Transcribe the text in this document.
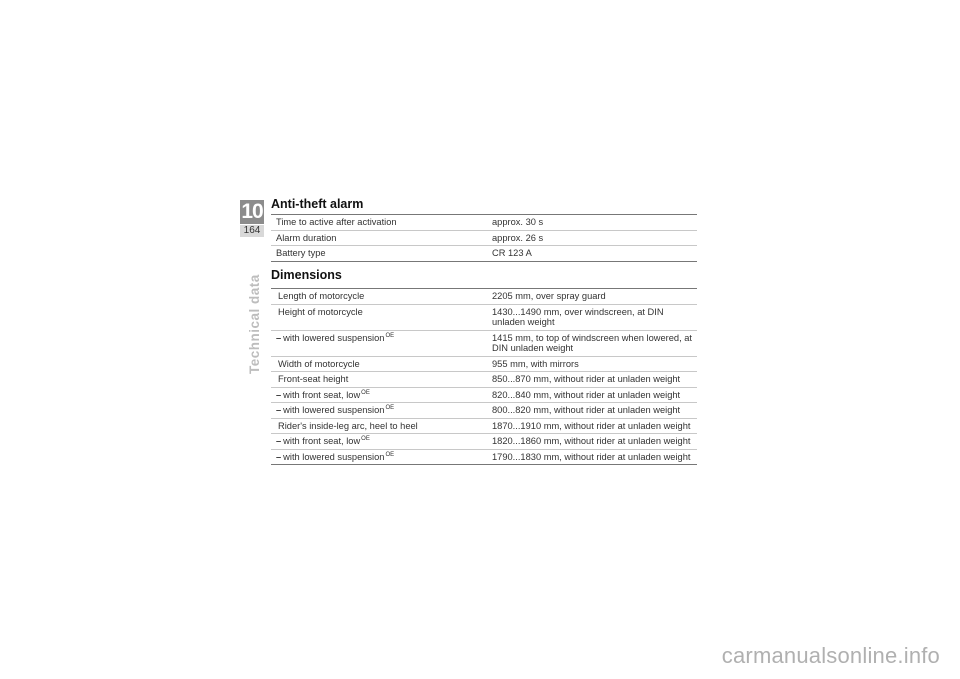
10
164
Technical data
Anti-theft alarm
Time to active after activation	approx. 30 s
Alarm duration	approx. 26 s
Battery type	CR 123 A
Dimensions
Length of motorcycle	2205 mm, over spray guard
Height of motorcycle	1430...1490 mm, over windscreen, at DIN unladen weight
– with lowered suspension$^{OE}$	1415 mm, to top of windscreen when lowered, at DIN unladen weight
Width of motorcycle	955 mm, with mirrors
Front-seat height	850...870 mm, without rider at unladen weight
– with front seat, low$^{OE}$	820...840 mm, without rider at unladen weight
– with lowered suspension$^{OE}$	800...820 mm, without rider at unladen weight
Rider's inside-leg arc, heel to heel	1870...1910 mm, without rider at unladen weight
– with front seat, low$^{OE}$	1820...1860 mm, without rider at unladen weight
– with lowered suspension$^{OE}$	1790...1830 mm, without rider at unladen weight
carmanualsonline.info
